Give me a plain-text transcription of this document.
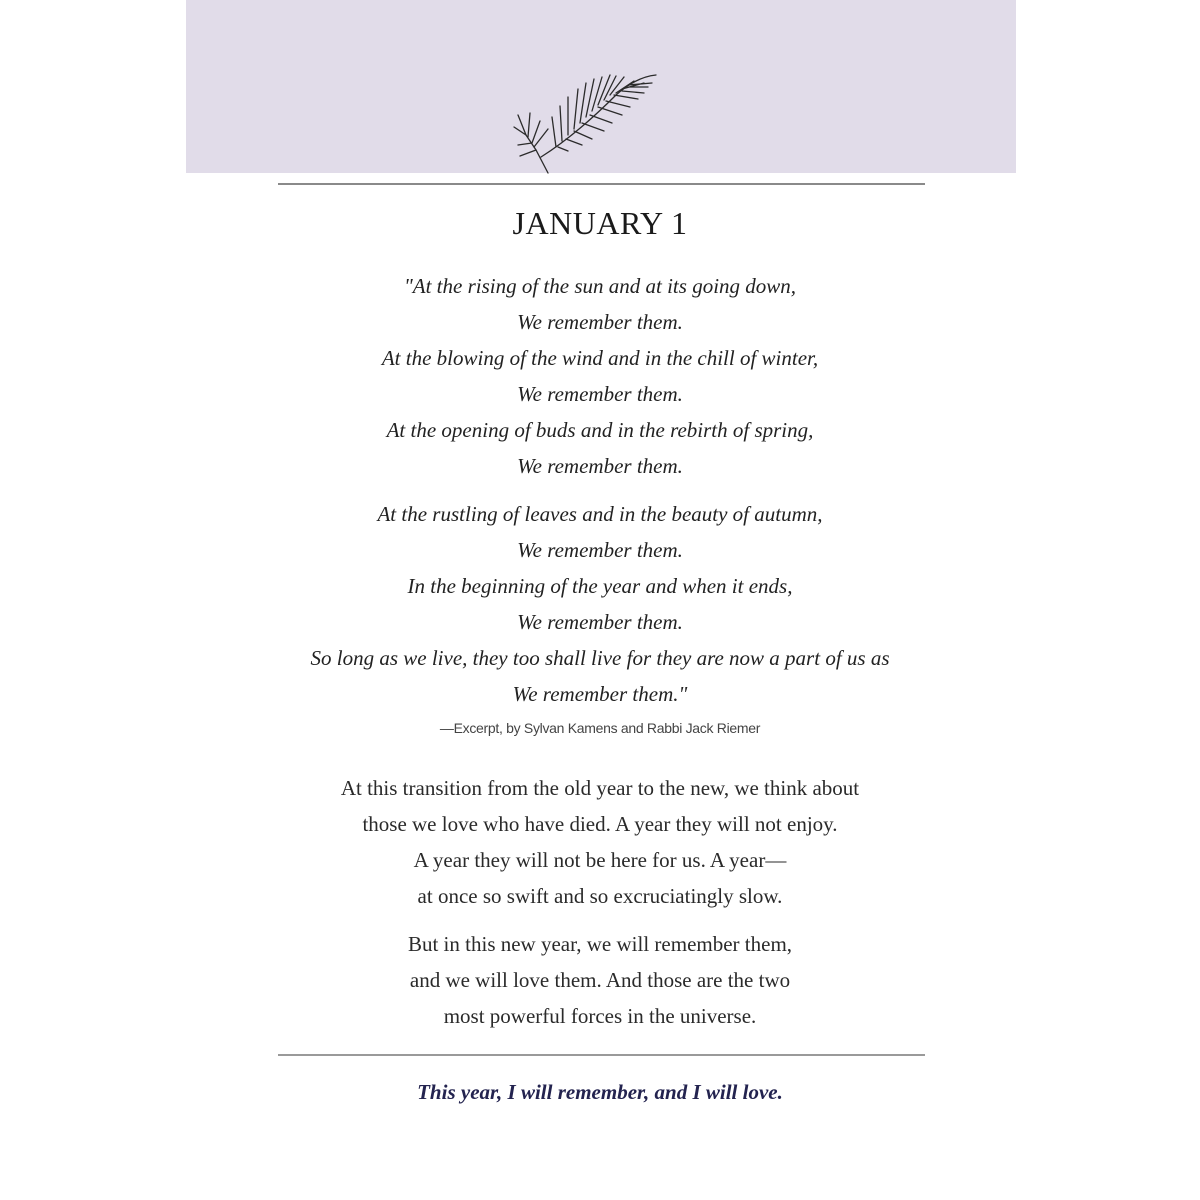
JANUARY 1
"At the rising of the sun and at its going down,
We remember them.
At the blowing of the wind and in the chill of winter,
We remember them.
At the opening of buds and in the rebirth of spring,
We remember them.
At the rustling of leaves and in the beauty of autumn,
We remember them.
In the beginning of the year and when it ends,
We remember them.
So long as we live, they too shall live for they are now a part of us as
We remember them."
—Excerpt, by Sylvan Kamens and Rabbi Jack Riemer
At this transition from the old year to the new, we think about
those we love who have died. A year they will not enjoy.
A year they will not be here for us. A year—
at once so swift and so excruciatingly slow.
But in this new year, we will remember them,
and we will love them. And those are the two
most powerful forces in the universe.
This year, I will remember, and I will love.
